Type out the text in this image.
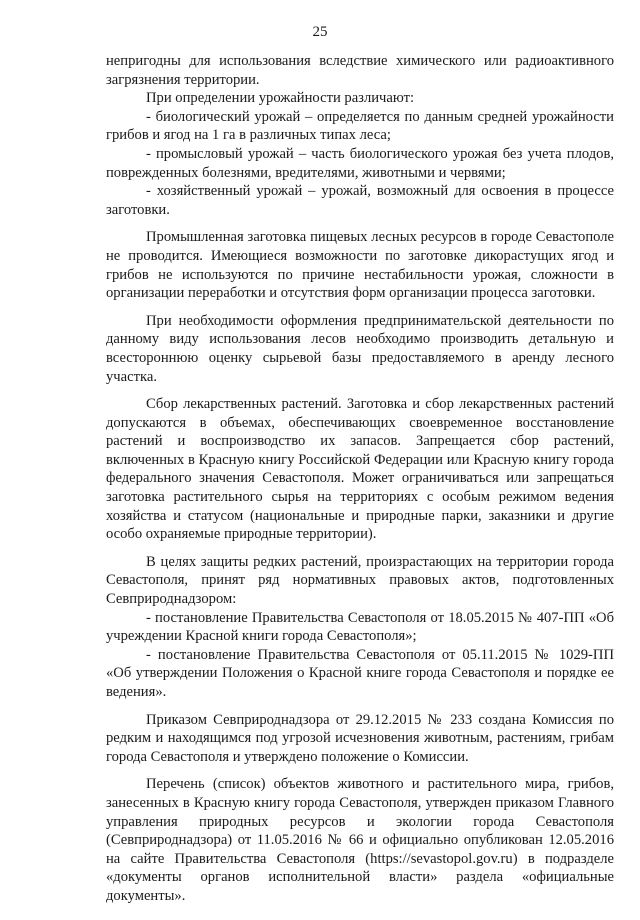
25

непригодны для использования вследствие химического или радиоактивного загрязнения территории.

При определении урожайности различают:

- биологический урожай – определяется по данным средней урожайности грибов и ягод на 1 га в различных типах леса;

- промысловый урожай – часть биологического урожая без учета плодов, поврежденных болезнями, вредителями, животными и червями;

- хозяйственный урожай – урожай, возможный для освоения в процессе заготовки.

Промышленная заготовка пищевых лесных ресурсов в городе Севастополе не проводится. Имеющиеся возможности по заготовке дикорастущих ягод и грибов не используются по причине нестабильности урожая, сложности в организации переработки и отсутствия форм организации процесса заготовки.

При необходимости оформления предпринимательской деятельности по данному виду использования лесов необходимо производить детальную и всестороннюю оценку сырьевой базы предоставляемого в аренду лесного участка.

Сбор лекарственных растений. Заготовка и сбор лекарственных растений допускаются в объемах, обеспечивающих своевременное восстановление растений и воспроизводство их запасов. Запрещается сбор растений, включенных в Красную книгу Российской Федерации или Красную книгу города федерального значения Севастополя. Может ограничиваться или запрещаться заготовка растительного сырья на территориях с особым режимом ведения хозяйства и статусом (национальные и природные парки, заказники и другие особо охраняемые природные территории).

В целях защиты редких растений, произрастающих на территории города Севастополя, принят ряд нормативных правовых актов, подготовленных Севприроднадзором:

- постановление Правительства Севастополя от 18.05.2015 № 407-ПП «Об учреждении Красной книги города Севастополя»;

- постановление Правительства Севастополя от 05.11.2015 № 1029-ПП «Об утверждении Положения о Красной книге города Севастополя и порядке ее ведения».

Приказом Севприроднадзора от 29.12.2015 № 233 создана Комиссия по редким и находящимся под угрозой исчезновения животным, растениям, грибам города Севастополя и утверждено положение о Комиссии.

Перечень (список) объектов животного и растительного мира, грибов, занесенных в Красную книгу города Севастополя, утвержден приказом Главного управления природных ресурсов и экологии города Севастополя (Севприроднадзора) от 11.05.2016 № 66 и официально опубликован 12.05.2016 на сайте Правительства Севастополя (https://sevastopol.gov.ru) в подразделе «документы органов исполнительной власти» раздела «официальные документы».
